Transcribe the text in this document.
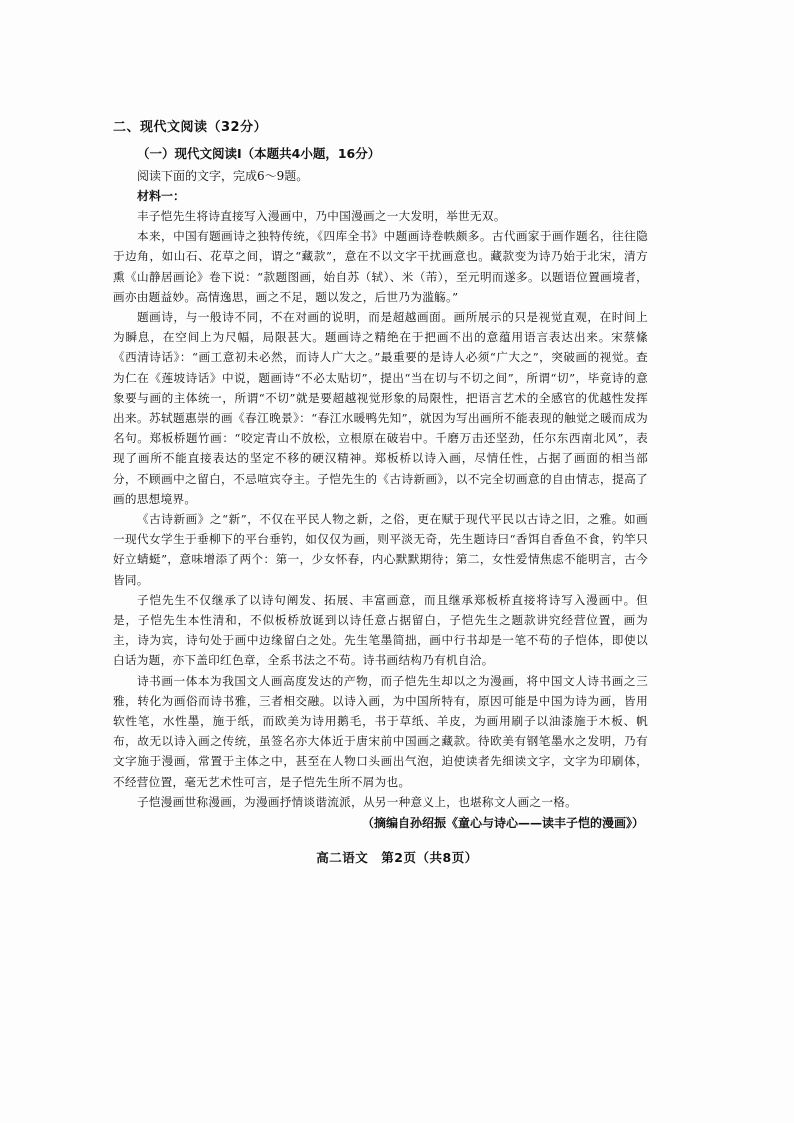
二、现代文阅读（32分）

（一）现代文阅读Ⅰ（本题共4小题，16分）

阅读下面的文字，完成6～9题。

材料一：

丰子恺先生将诗直接写入漫画中，乃中国漫画之一大发明，举世无双。

本来，中国有题画诗之独特传统，《四库全书》中题画诗卷帙颇多。古代画家于画作题名，往往隐于边角，如山石、花草之间，谓之“藏款”，意在不以文字干扰画意也。藏款变为诗乃始于北宋，清方熏《山静居画论》卷下说：“款题图画，始自苏（轼）、米（芾），至元明而遂多。以题语位置画境者，画亦由题益妙。高情逸思，画之不足，题以发之，后世乃为滥觞。”

题画诗，与一般诗不同，不在对画的说明，而是超越画面。画所展示的只是视觉直观，在时间上为瞬息，在空间上为尺幅，局限甚大。题画诗之精绝在于把画不出的意蕴用语言表达出来。宋蔡絛《西清诗话》：“画工意初未必然，而诗人广大之。”最重要的是诗人必须“广大之”，突破画的视觉。查为仁在《莲坡诗话》中说，题画诗“不必太贴切”，提出“当在切与不切之间”，所谓“切”，毕竟诗的意象要与画的主体统一，所谓“不切”就是要超越视觉形象的局限性，把语言艺术的全感官的优越性发挥出来。苏轼题惠崇的画《春江晚景》：“春江水暖鸭先知”，就因为写出画所不能表现的触觉之暖而成为名句。郑板桥题竹画：“咬定青山不放松，立根原在破岩中。千磨万击还坚劲，任尔东西南北风”，表现了画所不能直接表达的坚定不移的硬汉精神。郑板桥以诗入画，尽情任性，占据了画面的相当部分，不顾画中之留白，不忌喧宾夺主。子恺先生的《古诗新画》，以不完全切画意的自由情志，提高了画的思想境界。

《古诗新画》之“新”，不仅在平民人物之新，之俗，更在赋于现代平民以古诗之旧，之雅。如画一现代女学生于垂柳下的平台垂钓，如仅仅为画，则平淡无奇，先生题诗曰“香饵自香鱼不食，钓竿只好立蜻蜓”，意味增添了两个：第一，少女怀春，内心默默期待；第二，女性爱情焦虑不能明言，古今皆同。

子恺先生不仅继承了以诗句阐发、拓展、丰富画意，而且继承郑板桥直接将诗写入漫画中。但是，子恺先生本性清和，不似板桥放诞到以诗任意占据留白，子恺先生之题款讲究经营位置，画为主，诗为宾，诗句处于画中边缘留白之处。先生笔墨简拙，画中行书却是一笔不苟的子恺体，即使以白话为题，亦下盖印红色章，全系书法之不苟。诗书画结构乃有机自洽。

诗书画一体本为我国文人画高度发达的产物，而子恺先生却以之为漫画，将中国文人诗书画之三雅，转化为画俗而诗书雅，三者相交融。以诗入画，为中国所特有，原因可能是中国为诗为画，皆用软性笔，水性墨，施于纸，而欧美为诗用鹅毛，书于草纸、羊皮，为画用刷子以油漆施于木板、帆布，故无以诗入画之传统，虽签名亦大体近于唐宋前中国画之藏款。待欧美有钢笔墨水之发明，乃有文字施于漫画，常置于主体之中，甚至在人物口头画出气泡，迫使读者先细读文字，文字为印刷体，不经营位置，毫无艺术性可言，是子恺先生所不屑为也。

子恺漫画世称漫画，为漫画抒情谈谐流派，从另一种意义上，也堪称文人画之一格。

（摘编自孙绍振《童心与诗心——读丰子恺的漫画》）

高二语文　第2页（共8页）
